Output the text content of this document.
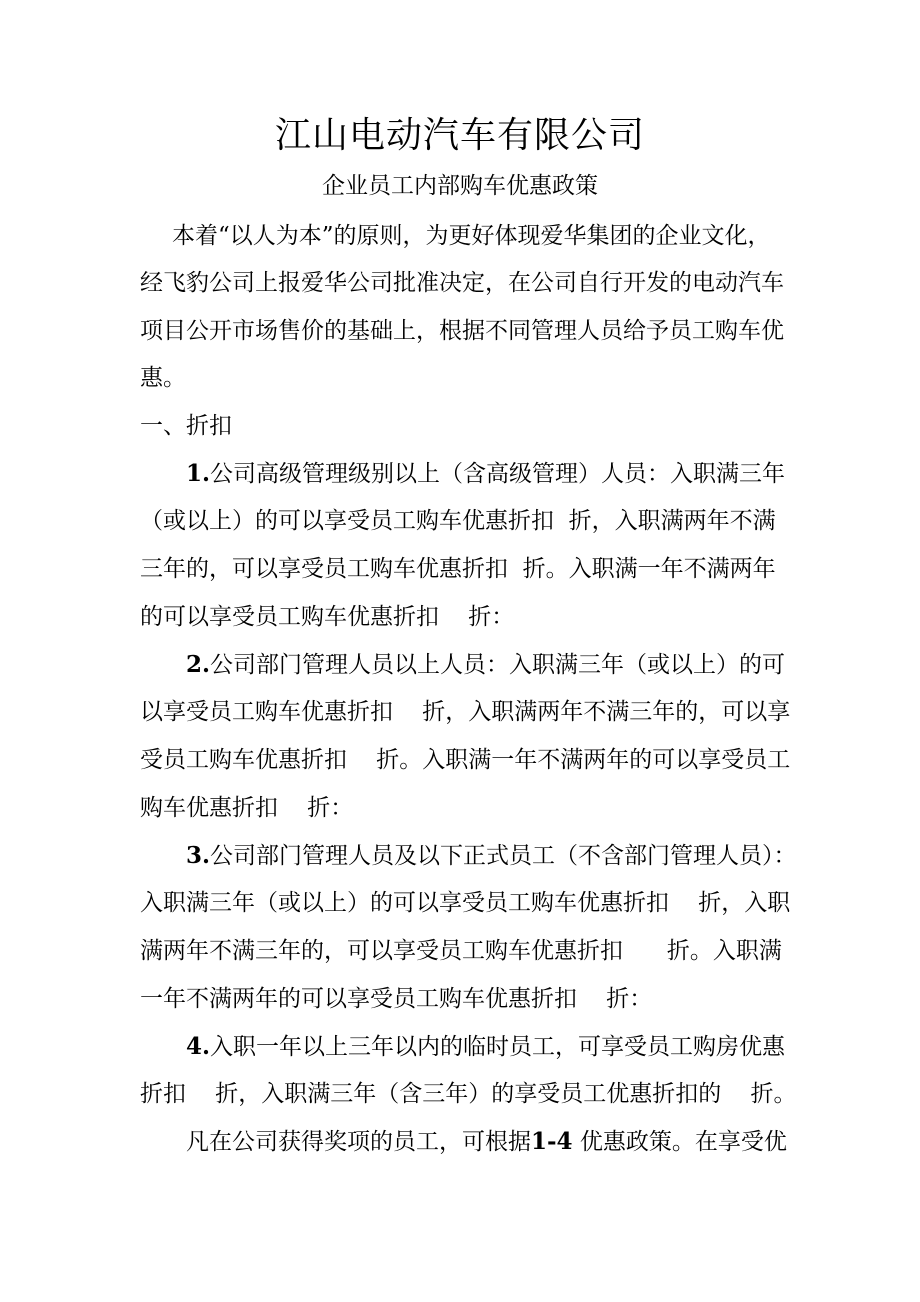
江山电动汽车有限公司
企业员工内部购车优惠政策
本着“以人为本”的原则，为更好体现爱华集团的企业文化，
经飞豹公司上报爱华公司批准决定，在公司自行开发的电动汽车
项目公开市场售价的基础上，根据不同管理人员给予员工购车优
惠。
一、折扣
1.公司高级管理级别以上（含高级管理）人员：入职满三年
（或以上）的可以享受员工购车优惠折扣  折，入职满两年不满
三年的，可以享受员工购车优惠折扣  折。入职满一年不满两年
的可以享受员工购车优惠折扣    折：
2.公司部门管理人员以上人员：入职满三年（或以上）的可
以享受员工购车优惠折扣    折，入职满两年不满三年的，可以享
受员工购车优惠折扣    折。入职满一年不满两年的可以享受员工
购车优惠折扣    折：
3.公司部门管理人员及以下正式员工（不含部门管理人员）：
入职满三年（或以上）的可以享受员工购车优惠折扣    折，入职
满两年不满三年的，可以享受员工购车优惠折扣      折。入职满
一年不满两年的可以享受员工购车优惠折扣    折：
4.入职一年以上三年以内的临时员工，可享受员工购房优惠
折扣    折，入职满三年（含三年）的享受员工优惠折扣的    折。
凡在公司获得奖项的员工，可根据1-4 优惠政策。在享受优
